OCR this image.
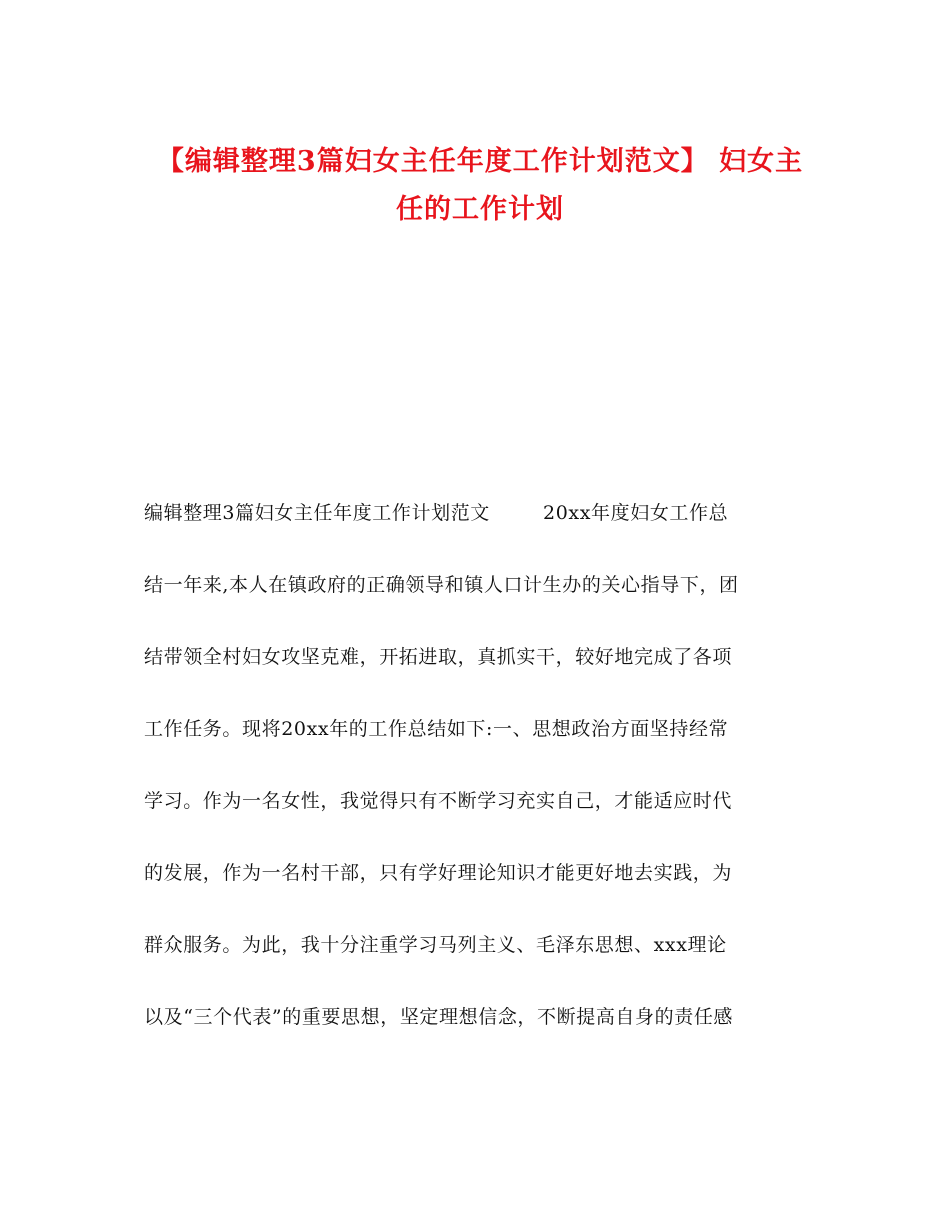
【编辑整理3篇妇女主任年度工作计划范文】 妇女主
任的工作计划

编辑整理3篇妇女主任年度工作计划范文        20xx年度妇女工作总

结一年来,本人在镇政府的正确领导和镇人口计生办的关心指导下，团

结带领全村妇女攻坚克难，开拓进取，真抓实干，较好地完成了各项

工作任务。现将20xx年的工作总结如下:一、思想政治方面坚持经常

学习。作为一名女性，我觉得只有不断学习充实自己，才能适应时代

的发展，作为一名村干部，只有学好理论知识才能更好地去实践，为

群众服务。为此，我十分注重学习马列主义、毛泽东思想、xxx理论

以及“三个代表”的重要思想，坚定理想信念，不断提高自身的责任感
